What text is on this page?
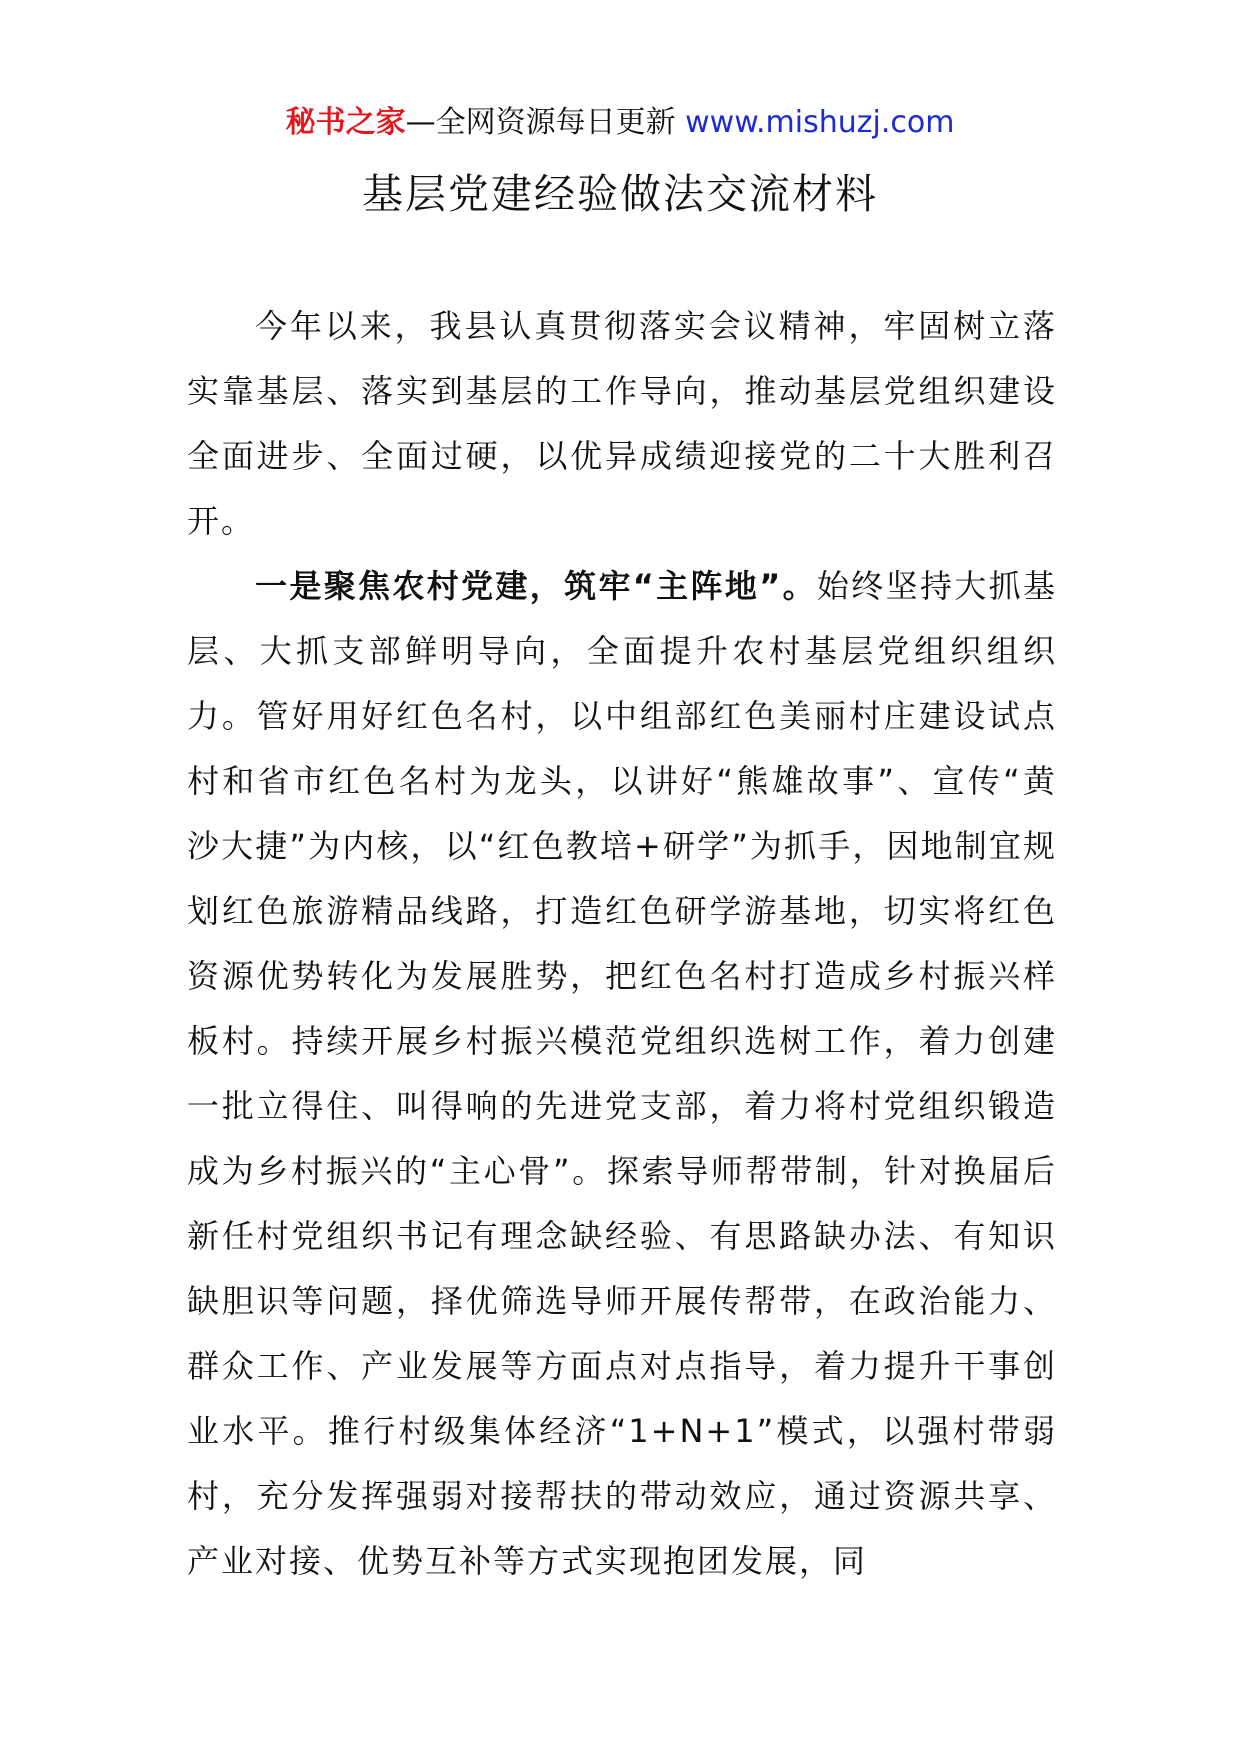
秘书之家—全网资源每日更新 www.mishuzj.com
基层党建经验做法交流材料

今年以来，我县认真贯彻落实会议精神，牢固树立落实靠基层、落实到基层的工作导向，推动基层党组织建设全面进步、全面过硬，以优异成绩迎接党的二十大胜利召开。

一是聚焦农村党建，筑牢“主阵地”。始终坚持大抓基层、大抓支部鲜明导向，全面提升农村基层党组织组织力。管好用好红色名村，以中组部红色美丽村庄建设试点村和省市红色名村为龙头，以讲好“熊雄故事”、宣传“黄沙大捷”为内核，以“红色教培+研学”为抓手，因地制宜规划红色旅游精品线路，打造红色研学游基地，切实将红色资源优势转化为发展胜势，把红色名村打造成乡村振兴样板村。持续开展乡村振兴模范党组织选树工作，着力创建一批立得住、叫得响的先进党支部，着力将村党组织锻造成为乡村振兴的“主心骨”。探索导师帮带制，针对换届后新任村党组织书记有理念缺经验、有思路缺办法、有知识缺胆识等问题，择优筛选导师开展传帮带，在政治能力、群众工作、产业发展等方面点对点指导，着力提升干事创业水平。推行村级集体经济“1+N+1”模式，以强村带弱村，充分发挥强弱对接帮扶的带动效应，通过资源共享、产业对接、优势互补等方式实现抱团发展，同
